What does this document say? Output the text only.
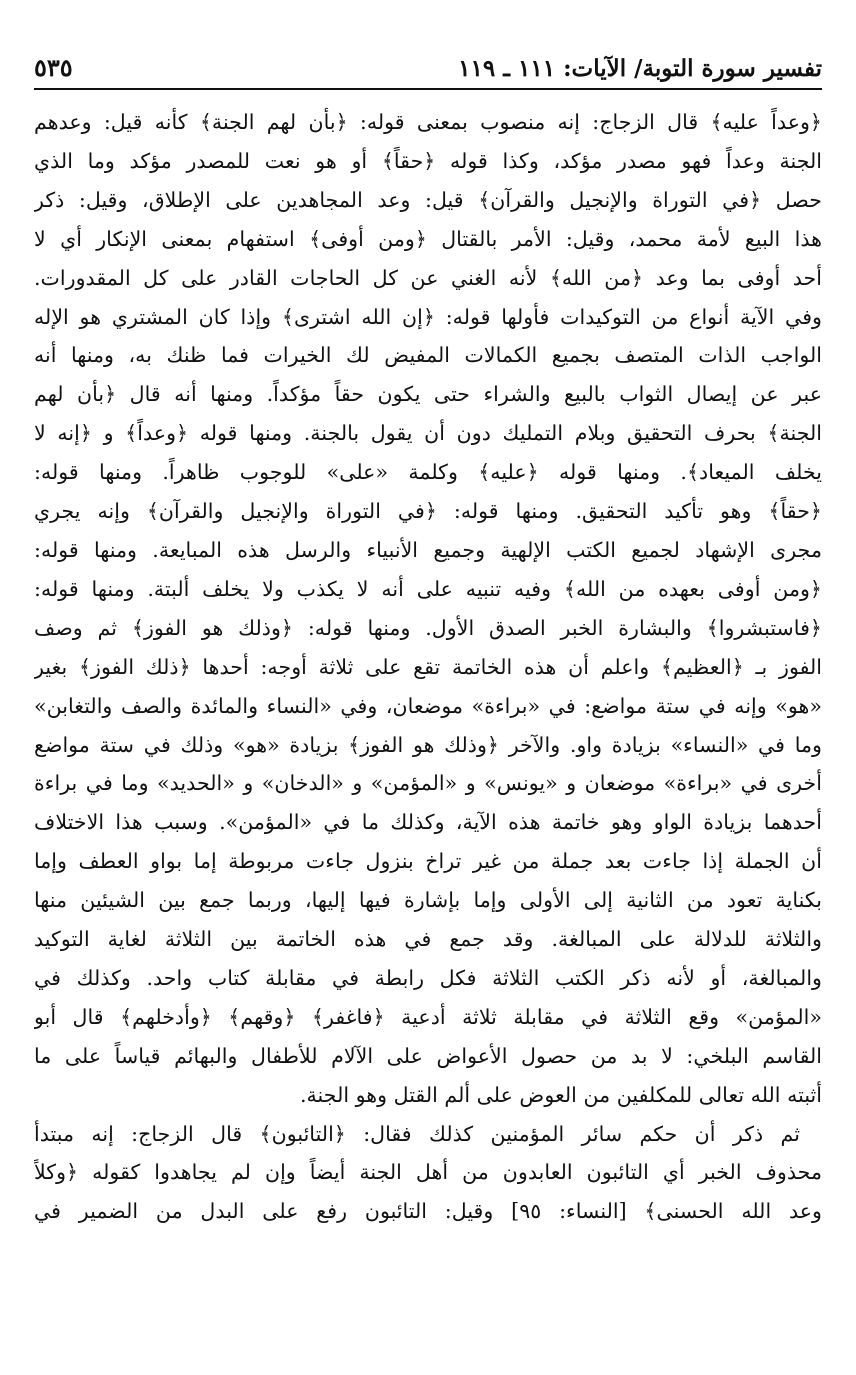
تفسير سورة التوبة/ الآيات: ١١١ ـ ١١٩
٥٣٥
﴿وعداً عليه﴾ قال الزجاج: إنه منصوب بمعنى قوله: ﴿بأن لهم الجنة﴾ كأنه قيل: وعدهم
الجنة وعداً فهو مصدر مؤكد، وكذا قوله ﴿حقاً﴾ أو هو نعت للمصدر مؤكد وما الذي
حصل ﴿في التوراة والإنجيل والقرآن﴾ قيل: وعد المجاهدين على الإطلاق، وقيل: ذكر
هذا البيع لأمة محمد، وقيل: الأمر بالقتال ﴿ومن أوفى﴾ استفهام بمعنى الإنكار أي لا
أحد أوفى بما وعد ﴿من الله﴾ لأنه الغني عن كل الحاجات القادر على كل المقدورات.
وفي الآية أنواع من التوكيدات فأولها قوله: ﴿إن الله اشترى﴾ وإذا كان المشتري هو الإله
الواجب الذات المتصف بجميع الكمالات المفيض لك الخيرات فما ظنك به، ومنها أنه
عبر عن إيصال الثواب بالبيع والشراء حتى يكون حقاً مؤكداً. ومنها أنه قال ﴿بأن لهم
الجنة﴾ بحرف التحقيق وبلام التمليك دون أن يقول بالجنة. ومنها قوله ﴿وعداً﴾ و ﴿إنه لا
يخلف الميعاد﴾. ومنها قوله ﴿عليه﴾ وكلمة «على» للوجوب ظاهراً. ومنها قوله:
﴿حقاً﴾ وهو تأكيد التحقيق. ومنها قوله: ﴿في التوراة والإنجيل والقرآن﴾ وإنه يجري
مجرى الإشهاد لجميع الكتب الإلهية وجميع الأنبياء والرسل هذه المبايعة. ومنها قوله:
﴿ومن أوفى بعهده من الله﴾ وفيه تنبيه على أنه لا يكذب ولا يخلف ألبتة. ومنها قوله:
﴿فاستبشروا﴾ والبشارة الخبر الصدق الأول. ومنها قوله: ﴿وذلك هو الفوز﴾ ثم وصف
الفوز بـ ﴿العظيم﴾ واعلم أن هذه الخاتمة تقع على ثلاثة أوجه: أحدها ﴿ذلك الفوز﴾ بغير
«هو» وإنه في ستة مواضع: في «براءة» موضعان، وفي «النساء والمائدة والصف والتغابن»
وما في «النساء» بزيادة واو. والآخر ﴿وذلك هو الفوز﴾ بزيادة «هو» وذلك في ستة مواضع
أخرى في «براءة» موضعان و «يونس» و «المؤمن» و «الدخان» و «الحديد» وما في براءة
أحدهما بزيادة الواو وهو خاتمة هذه الآية، وكذلك ما في «المؤمن». وسبب هذا الاختلاف
أن الجملة إذا جاءت بعد جملة من غير تراخ بنزول جاءت مربوطة إما بواو العطف وإما
بكناية تعود من الثانية إلى الأولى وإما بإشارة فيها إليها، وربما جمع بين الشيئين منها
والثلاثة للدلالة على المبالغة. وقد جمع في هذه الخاتمة بين الثلاثة لغاية التوكيد
والمبالغة، أو لأنه ذكر الكتب الثلاثة فكل رابطة في مقابلة كتاب واحد. وكذلك في
«المؤمن» وقع الثلاثة في مقابلة ثلاثة أدعية ﴿فاغفر﴾ ﴿وقهم﴾ ﴿وأدخلهم﴾ قال أبو
القاسم البلخي: لا بد من حصول الأعواض على الآلام للأطفال والبهائم قياساً على ما
أثبته الله تعالى للمكلفين من العوض على ألم القتل وهو الجنة.
ثم ذكر أن حكم سائر المؤمنين كذلك فقال: ﴿التائبون﴾ قال الزجاج: إنه مبتدأ
محذوف الخبر أي التائبون العابدون من أهل الجنة أيضاً وإن لم يجاهدوا كقوله ﴿وكلاً
وعد الله الحسنى﴾ [النساء: ٩٥] وقيل: التائبون رفع على البدل من الضمير في
